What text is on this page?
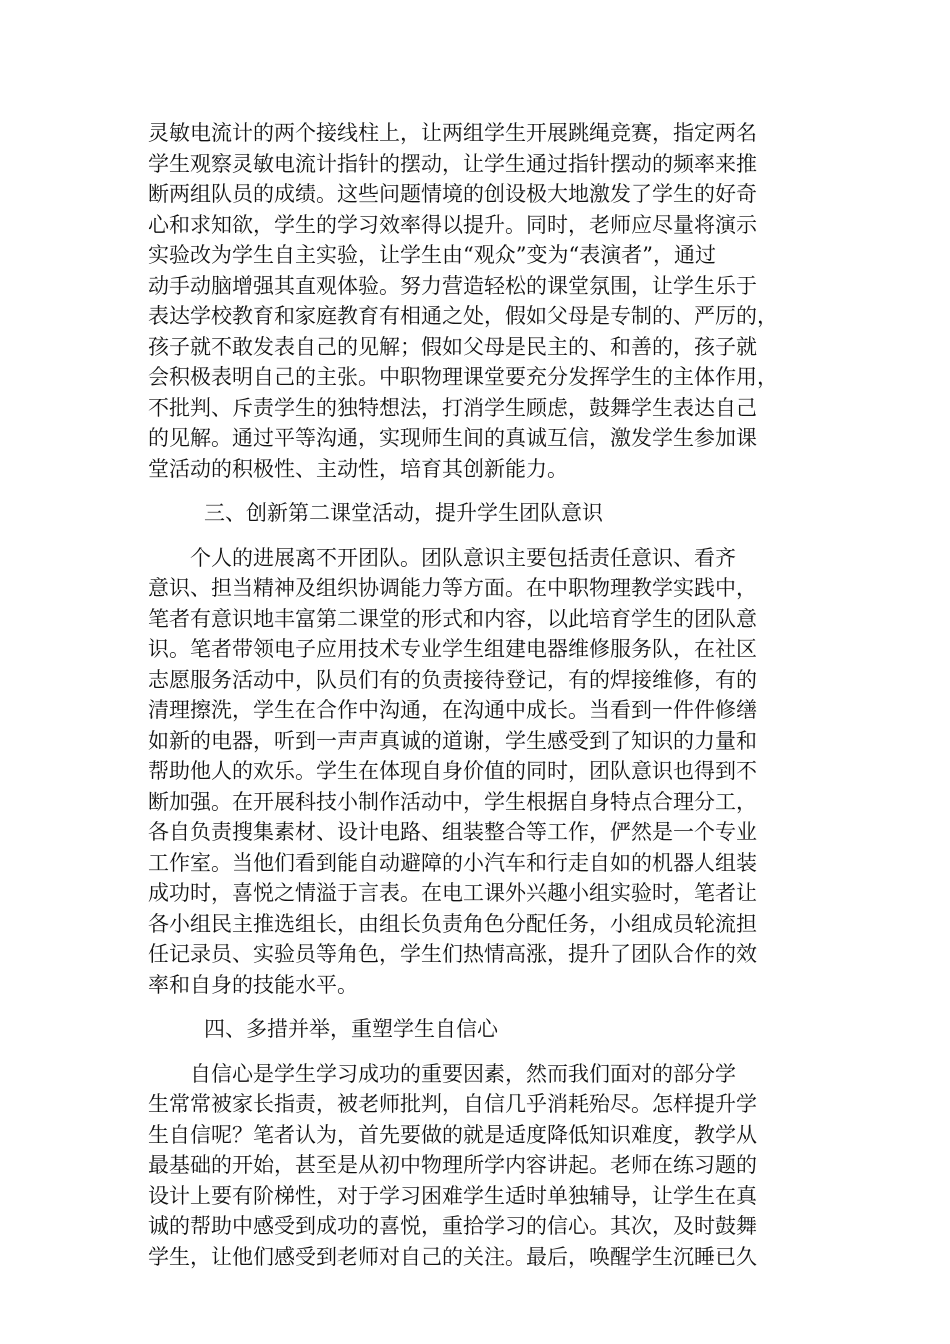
灵敏电流计的两个接线柱上，让两组学生开展跳绳竞赛，指定两名
学生观察灵敏电流计指针的摆动，让学生通过指针摆动的频率来推
断两组队员的成绩。这些问题情境的创设极大地激发了学生的好奇
心和求知欲，学生的学习效率得以提升。同时，老师应尽量将演示
实验改为学生自主实验，让学生由“观众”变为“表演者”，通过
动手动脑增强其直观体验。努力营造轻松的课堂氛围，让学生乐于
表达学校教育和家庭教育有相通之处，假如父母是专制的、严厉的，
孩子就不敢发表自己的见解；假如父母是民主的、和善的，孩子就
会积极表明自己的主张。中职物理课堂要充分发挥学生的主体作用，
不批判、斥责学生的独特想法，打消学生顾虑，鼓舞学生表达自己
的见解。通过平等沟通，实现师生间的真诚互信，激发学生参加课
堂活动的积极性、主动性，培育其创新能力。
三、创新第二课堂活动，提升学生团队意识
　　个人的进展离不开团队。团队意识主要包括责任意识、看齐
意识、担当精神及组织协调能力等方面。在中职物理教学实践中，
笔者有意识地丰富第二课堂的形式和内容，以此培育学生的团队意
识。笔者带领电子应用技术专业学生组建电器维修服务队，在社区
志愿服务活动中，队员们有的负责接待登记，有的焊接维修，有的
清理擦洗，学生在合作中沟通，在沟通中成长。当看到一件件修缮
如新的电器，听到一声声真诚的道谢，学生感受到了知识的力量和
帮助他人的欢乐。学生在体现自身价值的同时，团队意识也得到不
断加强。在开展科技小制作活动中，学生根据自身特点合理分工，
各自负责搜集素材、设计电路、组装整合等工作，俨然是一个专业
工作室。当他们看到能自动避障的小汽车和行走自如的机器人组装
成功时，喜悦之情溢于言表。在电工课外兴趣小组实验时，笔者让
各小组民主推选组长，由组长负责角色分配任务，小组成员轮流担
任记录员、实验员等角色，学生们热情高涨，提升了团队合作的效
率和自身的技能水平。
四、多措并举，重塑学生自信心
　　自信心是学生学习成功的重要因素，然而我们面对的部分学
生常常被家长指责，被老师批判，自信几乎消耗殆尽。怎样提升学
生自信呢？笔者认为，首先要做的就是适度降低知识难度，教学从
最基础的开始，甚至是从初中物理所学内容讲起。老师在练习题的
设计上要有阶梯性，对于学习困难学生适时单独辅导，让学生在真
诚的帮助中感受到成功的喜悦，重拾学习的信心。其次，及时鼓舞
学生，让他们感受到老师对自己的关注。最后，唤醒学生沉睡已久
